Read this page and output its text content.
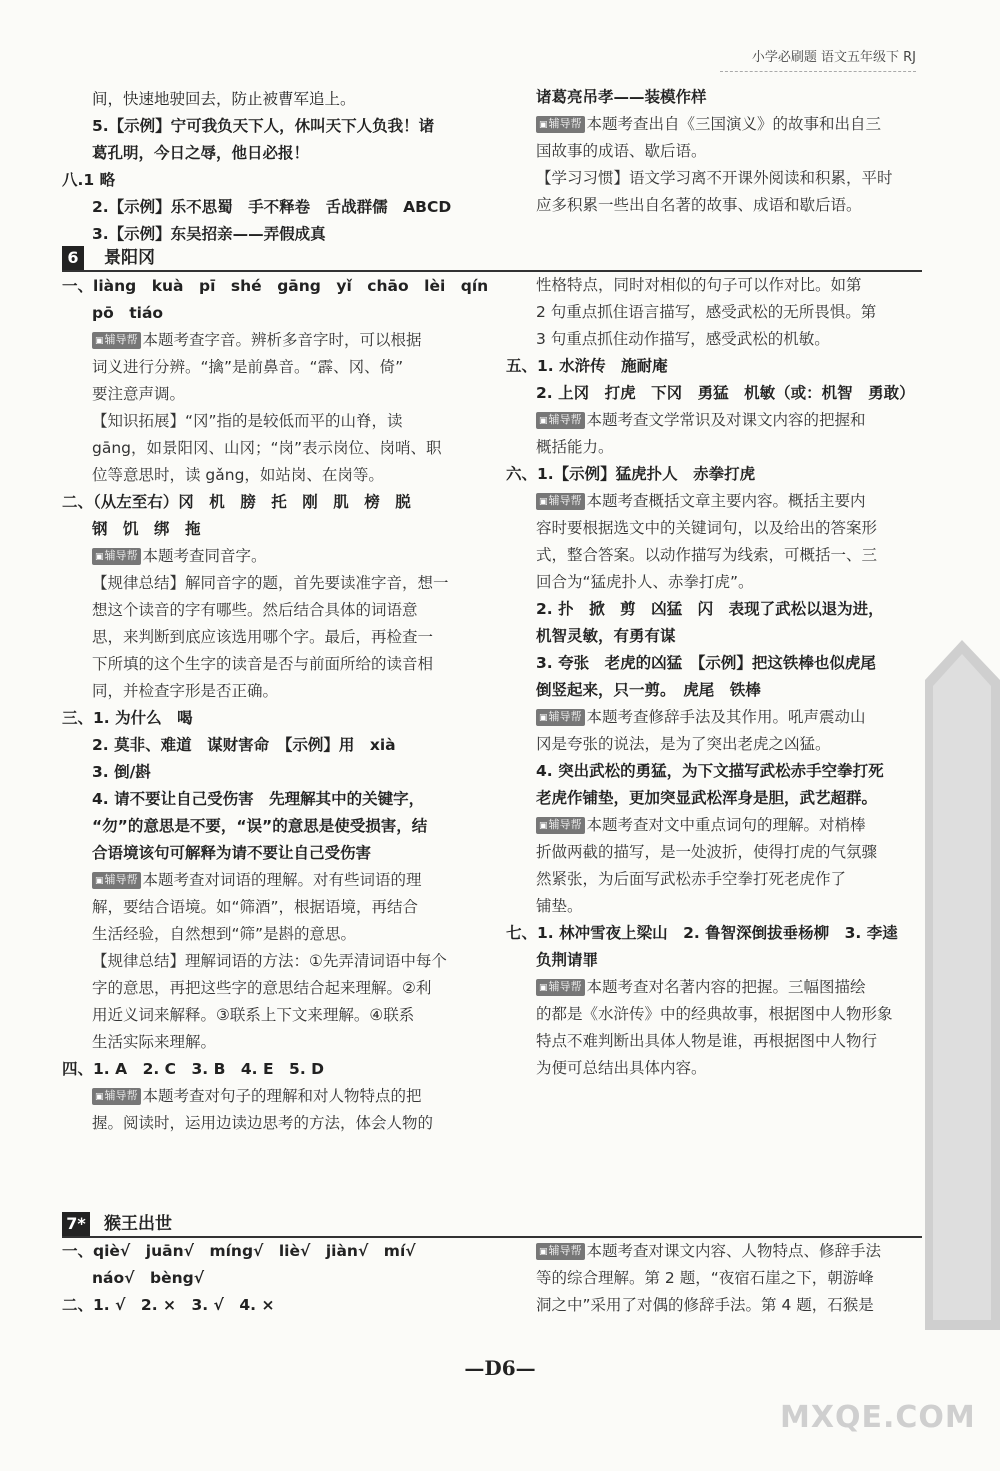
小学必刷题 语文五年级下 RJ
间，快速地驶回去，防止被曹军追上。
5.【示例】宁可我负天下人，休叫天下人负我！诸
葛孔明，今日之辱，他日必报！
八.1 略
2.【示例】乐不思蜀　手不释卷　舌战群儒　ABCD
3.【示例】东吴招亲——弄假成真
诸葛亮吊孝——装模作样
▣ 辅导帮 本题考查出自《三国演义》的故事和出自三
国故事的成语、歇后语。
【学习习惯】语文学习离不开课外阅读和积累，平时
应多积累一些出自名著的故事、成语和歇后语。
6	景阳冈
一、liàng　kuà　pī　shé　gāng　yǐ　chāo　lèi　qín
pō　tiáo
▣ 辅导帮 本题考查字音。辨析多音字时，可以根据
词义进行分辨。“擒”是前鼻音。“霹、冈、倚”
要注意声调。
【知识拓展】“冈”指的是较低而平的山脊，读
gāng，如景阳冈、山冈；“岗”表示岗位、岗哨、职
位等意思时，读 gǎng，如站岗、在岗等。
二、（从左至右）冈　机　膀　托　刚　肌　榜　脱
钢　饥　绑　拖
▣ 辅导帮 本题考查同音字。
【规律总结】解同音字的题，首先要读准字音，想一
想这个读音的字有哪些。然后结合具体的词语意
思，来判断到底应该选用哪个字。最后，再检查一
下所填的这个生字的读音是否与前面所给的读音相
同，并检查字形是否正确。
三、1. 为什么　喝
2. 莫非、难道　谋财害命　【示例】用　xià
3. 倒/斟
4. 请不要让自己受伤害　先理解其中的关键字，
“勿”的意思是不要，“误”的意思是使受损害，结
合语境该句可解释为请不要让自己受伤害
▣ 辅导帮 本题考查对词语的理解。对有些词语的理
解，要结合语境。如“筛酒”，根据语境，再结合
生活经验，自然想到“筛”是斟的意思。
【规律总结】理解词语的方法：①先弄清词语中每个
字的意思，再把这些字的意思结合起来理解。②利
用近义词来解释。③联系上下文来理解。④联系
生活实际来理解。
四、1. A　2. C　3. B　4. E　5. D
▣ 辅导帮 本题考查对句子的理解和对人物特点的把
握。阅读时，运用边读边思考的方法，体会人物的
性格特点，同时对相似的句子可以作对比。如第
2 句重点抓住语言描写，感受武松的无所畏惧。第
3 句重点抓住动作描写，感受武松的机敏。
五、1. 水浒传　施耐庵
2. 上冈　打虎　下冈　勇猛　机敏（或：机智　勇敢）
▣ 辅导帮 本题考查文学常识及对课文内容的把握和
概括能力。
六、1.【示例】猛虎扑人　赤拳打虎
▣ 辅导帮 本题考查概括文章主要内容。概括主要内
容时要根据选文中的关键词句，以及给出的答案形
式，整合答案。以动作描写为线索，可概括一、三
回合为“猛虎扑人、赤拳打虎”。
2. 扑　掀　剪　凶猛　闪　表现了武松以退为进，
机智灵敏，有勇有谋
3. 夸张　老虎的凶猛　【示例】把这铁棒也似虎尾
倒竖起来，只一剪。　虎尾　铁棒
▣ 辅导帮 本题考查修辞手法及其作用。吼声震动山
冈是夸张的说法，是为了突出老虎之凶猛。
4. 突出武松的勇猛，为下文描写武松赤手空拳打死
老虎作铺垫，更加突显武松浑身是胆，武艺超群。
▣ 辅导帮 本题考查对文中重点词句的理解。对梢棒
折做两截的描写，是一处波折，使得打虎的气氛骤
然紧张，为后面写武松赤手空拳打死老虎作了
铺垫。
七、1. 林冲雪夜上梁山　2. 鲁智深倒拔垂杨柳　3. 李逵
负荆请罪
▣ 辅导帮 本题考查对名著内容的把握。三幅图描绘
的都是《水浒传》中的经典故事，根据图中人物形象
特点不难判断出具体人物是谁，再根据图中人物行
为便可总结出具体内容。
7* 猴王出世
一、qiè√　juān√　míng√　liè√　jiàn√　mí√
náo√　bèng√
二、1. √　2. ×　3. √　4. ×
▣ 辅导帮 本题考查对课文内容、人物特点、修辞手法
等的综合理解。第 2 题，“夜宿石崖之下，朝游峰
洞之中”采用了对偶的修辞手法。第 4 题，石猴是
—D6—
MXQE.COM
